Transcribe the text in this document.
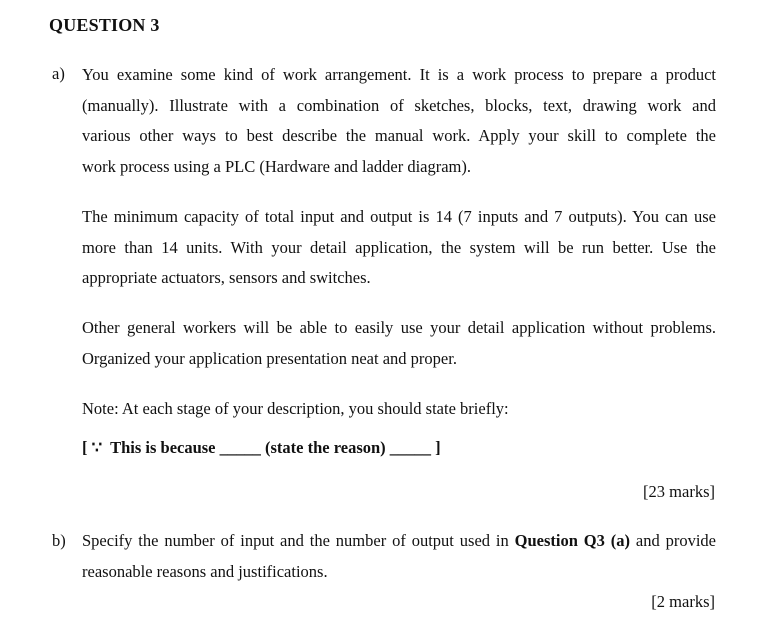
QUESTION 3
a) You examine some kind of work arrangement. It is a work process to prepare a product
(manually). Illustrate with a combination of sketches, blocks, text, drawing work and
various other ways to best describe the manual work. Apply your skill to complete the
work process using a PLC (Hardware and ladder diagram).
The minimum capacity of total input and output is 14 (7 inputs and 7 outputs). You can use
more than 14 units. With your detail application, the system will be run better. Use the
appropriate actuators, sensors and switches.
Other general workers will be able to easily use your detail application without problems.
Organized your application presentation neat and proper.
Note: At each stage of your description, you should state briefly:
[ ∵  This is because _____ (state the reason) _____ ]
[23 marks]
b) Specify the number of input and the number of output used in Question Q3 (a) and provide
reasonable reasons and justifications.
[2 marks]
